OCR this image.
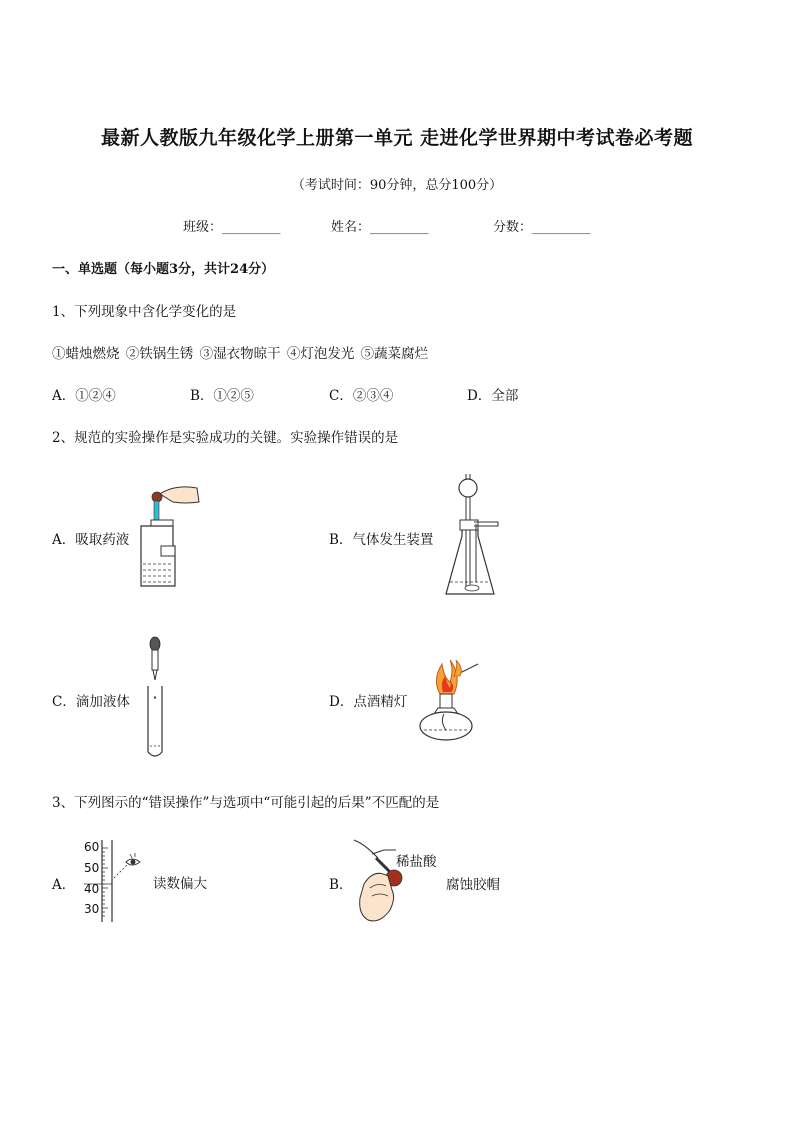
最新人教版九年级化学上册第一单元 走进化学世界期中考试卷必考题
（考试时间：90分钟，总分100分）
班级：_________	姓名：_________	分数：_________
一、单选题（每小题3分，共计24分）
1、下列现象中含化学变化的是
①蜡烛燃烧 ②铁锅生锈 ③湿衣物晾干 ④灯泡发光 ⑤蔬菜腐烂
A．①②④	B．①②⑤	C．②③④	D．全部
2、规范的实验操作是实验成功的关键。实验操作错误的是
A．吸取药液	B．气体发生装置
C．滴加液体	D．点酒精灯
3、下列图示的“错误操作”与选项中“可能引起的后果”不匹配的是
A．
60
50
40
30
读数偏大	B．
稀盐酸
腐蚀胶帽
